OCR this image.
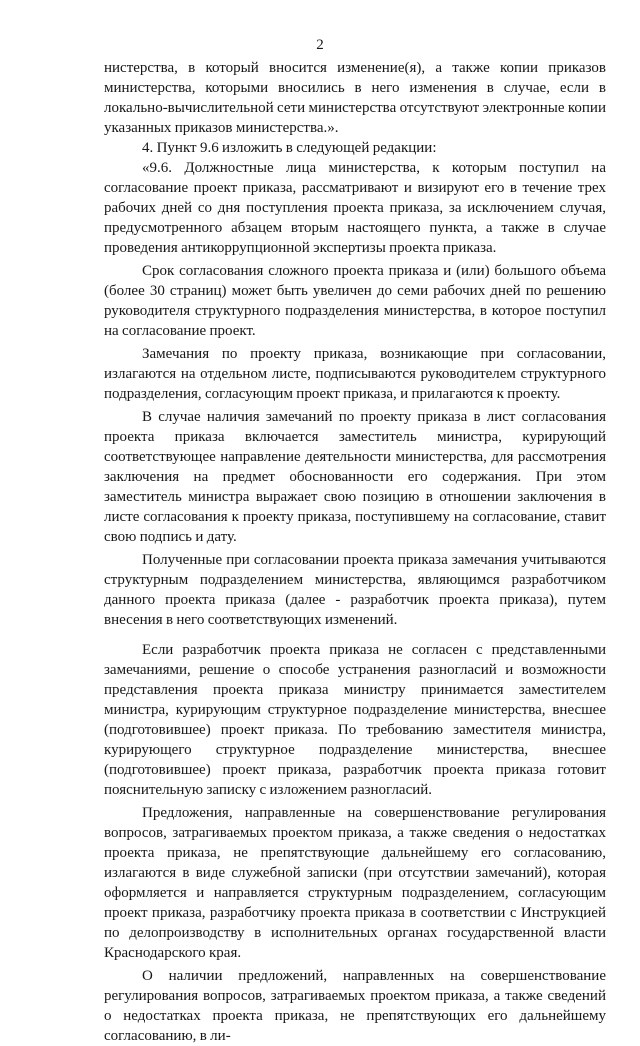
2

нистерства, в который вносится изменение(я), а также копии приказов министерства, которыми вносились в него изменения в случае, если в локально-вычислительной сети министерства отсутствуют электронные копии указанных приказов министерства.».

4. Пункт 9.6 изложить в следующей редакции:

«9.6. Должностные лица министерства, к которым поступил на согласование проект приказа, рассматривают и визируют его в течение трех рабочих дней со дня поступления проекта приказа, за исключением случая, предусмотренного абзацем вторым настоящего пункта, а также в случае проведения антикоррупционной экспертизы проекта приказа.

Срок согласования сложного проекта приказа и (или) большого объема (более 30 страниц) может быть увеличен до семи рабочих дней по решению руководителя структурного подразделения министерства, в которое поступил на согласование проект.

Замечания по проекту приказа, возникающие при согласовании, излагаются на отдельном листе, подписываются руководителем структурного подразделения, согласующим проект приказа, и прилагаются к проекту.

В случае наличия замечаний по проекту приказа в лист согласования проекта приказа включается заместитель министра, курирующий соответствующее направление деятельности министерства, для рассмотрения заключения на предмет обоснованности его содержания. При этом заместитель министра выражает свою позицию в отношении заключения в листе согласования к проекту приказа, поступившему на согласование, ставит свою подпись и дату.

Полученные при согласовании проекта приказа замечания учитываются структурным подразделением министерства, являющимся разработчиком данного проекта приказа (далее - разработчик проекта приказа), путем внесения в него соответствующих изменений.

Если разработчик проекта приказа не согласен с представленными замечаниями, решение о способе устранения разногласий и возможности представления проекта приказа министру принимается заместителем министра, курирующим структурное подразделение министерства, внесшее (подготовившее) проект приказа. По требованию заместителя министра, курирующего структурное подразделение министерства, внесшее (подготовившее) проект приказа, разработчик проекта приказа готовит пояснительную записку с изложением разногласий.

Предложения, направленные на совершенствование регулирования вопросов, затрагиваемых проектом приказа, а также сведения о недостатках проекта приказа, не препятствующие дальнейшему его согласованию, излагаются в виде служебной записки (при отсутствии замечаний), которая оформляется и направляется структурным подразделением, согласующим проект приказа, разработчику проекта приказа в соответствии с Инструкцией по делопроизводству в исполнительных органах государственной власти Краснодарского края.

О наличии предложений, направленных на совершенствование регулирования вопросов, затрагиваемых проектом приказа, а также сведений о недостатках проекта приказа, не препятствующих его дальнейшему согласованию, в ли-
